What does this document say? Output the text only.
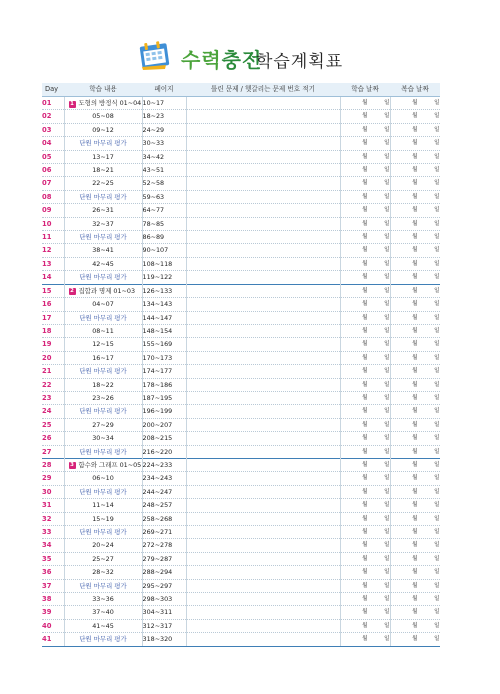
수력충전
학습계획표
Day	학습 내용	페이지	틀린 문제 / 헷갈리는 문제 번호 적기	학습 날짜	복습 날짜
01	1 도형의 방정식 01~04	10~17		월 일	월 일
02	05~08	18~23		월 일	월 일
03	09~12	24~29		월 일	월 일
04	단원 마무리 평가	30~33		월 일	월 일
05	13~17	34~42		월 일	월 일
06	18~21	43~51		월 일	월 일
07	22~25	52~58		월 일	월 일
08	단원 마무리 평가	59~63		월 일	월 일
09	26~31	64~77		월 일	월 일
10	32~37	78~85		월 일	월 일
11	단원 마무리 평가	86~89		월 일	월 일
12	38~41	90~107		월 일	월 일
13	42~45	108~118		월 일	월 일
14	단원 마무리 평가	119~122		월 일	월 일
15	2 집합과 명제 01~03	126~133		월 일	월 일
16	04~07	134~143		월 일	월 일
17	단원 마무리 평가	144~147		월 일	월 일
18	08~11	148~154		월 일	월 일
19	12~15	155~169		월 일	월 일
20	16~17	170~173		월 일	월 일
21	단원 마무리 평가	174~177		월 일	월 일
22	18~22	178~186		월 일	월 일
23	23~26	187~195		월 일	월 일
24	단원 마무리 평가	196~199		월 일	월 일
25	27~29	200~207		월 일	월 일
26	30~34	208~215		월 일	월 일
27	단원 마무리 평가	216~220		월 일	월 일
28	3 함수와 그래프 01~05	224~233		월 일	월 일
29	06~10	234~243		월 일	월 일
30	단원 마무리 평가	244~247		월 일	월 일
31	11~14	248~257		월 일	월 일
32	15~19	258~268		월 일	월 일
33	단원 마무리 평가	269~271		월 일	월 일
34	20~24	272~278		월 일	월 일
35	25~27	279~287		월 일	월 일
36	28~32	288~294		월 일	월 일
37	단원 마무리 평가	295~297		월 일	월 일
38	33~36	298~303		월 일	월 일
39	37~40	304~311		월 일	월 일
40	41~45	312~317		월 일	월 일
41	단원 마무리 평가	318~320		월 일	월 일
